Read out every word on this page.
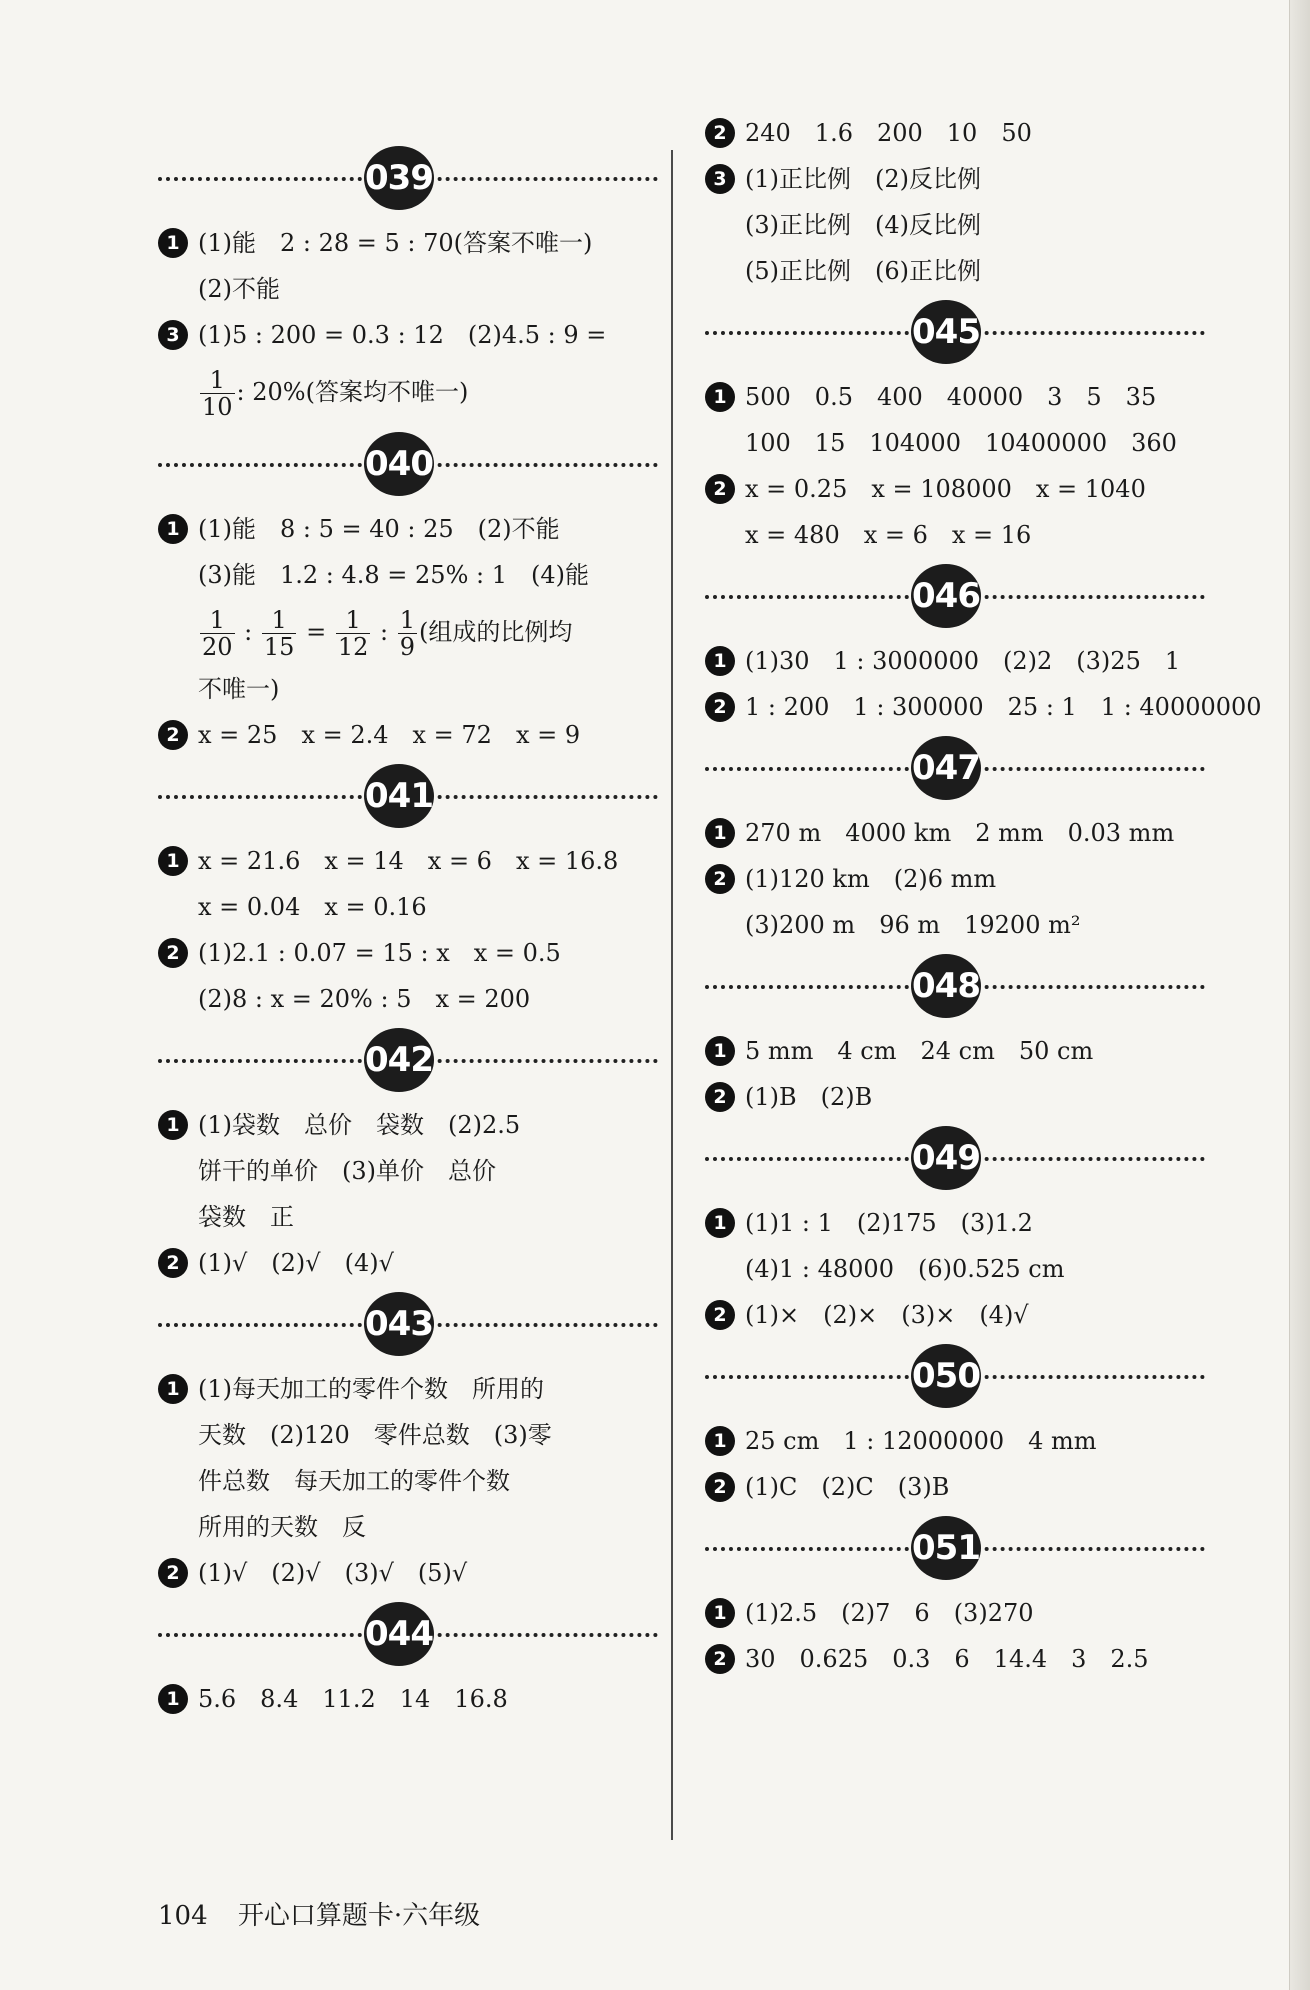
039
1 (1)能　2 : 28 = 5 : 70(答案不唯一)
(2)不能
3 (1)5 : 200 = 0.3 : 12　(2)4.5 : 9 =
$\frac{1}{10}$ : 20%(答案均不唯一)
040
1 (1)能　8 : 5 = 40 : 25　(2)不能
(3)能　1.2 : 4.8 = 25% : 1　(4)能
$\frac{1}{20}$ : $\frac{1}{15} = \frac{1}{12}$ : $\frac{1}{9}$ (组成的比例均
不唯一)
2 x = 25　x = 2.4　x = 72　x = 9
041
1 x = 21.6　x = 14　x = 6　x = 16.8
x = 0.04　x = 0.16
2 (1)2.1 : 0.07 = 15 : x　x = 0.5
(2)8 : x = 20% : 5　x = 200
042
1 (1)袋数　总价　袋数　(2)2.5
饼干的单价　(3)单价　总价
袋数　正
2 (1)√　(2)√　(4)√
043
1 (1)每天加工的零件个数　所用的
天数　(2)120　零件总数　(3)零
件总数　每天加工的零件个数
所用的天数　反
2 (1)√　(2)√　(3)√　(5)√
044
1 5.6　8.4　11.2　14　16.8
2 240　1.6　200　10　50
3 (1)正比例　(2)反比例
(3)正比例　(4)反比例
(5)正比例　(6)正比例
045
1 500　0.5　400　40000　3　5　35
100　15　104000　10400000　360
2 x = 0.25　x = 108000　x = 1040
x = 480　x = 6　x = 16
046
1 (1)30　1 : 3000000　(2)2　(3)25　1
2 1 : 200　1 : 300000　25 : 1　1 : 40000000
047
1 270 m　4000 km　2 mm　0.03 mm
2 (1)120 km　(2)6 mm
(3)200 m　96 m　19200 m²
048
1 5 mm　4 cm　24 cm　50 cm
2 (1)B　(2)B
049
1 (1)1 : 1　(2)175　(3)1.2
(4)1 : 48000　(6)0.525 cm
2 (1)×　(2)×　(3)×　(4)√
050
1 25 cm　1 : 12000000　4 mm
2 (1)C　(2)C　(3)B
051
1 (1)2.5　(2)7　6　(3)270
2 30　0.625　0.3　6　14.4　3　2.5
104 开心口算题卡·六年级
